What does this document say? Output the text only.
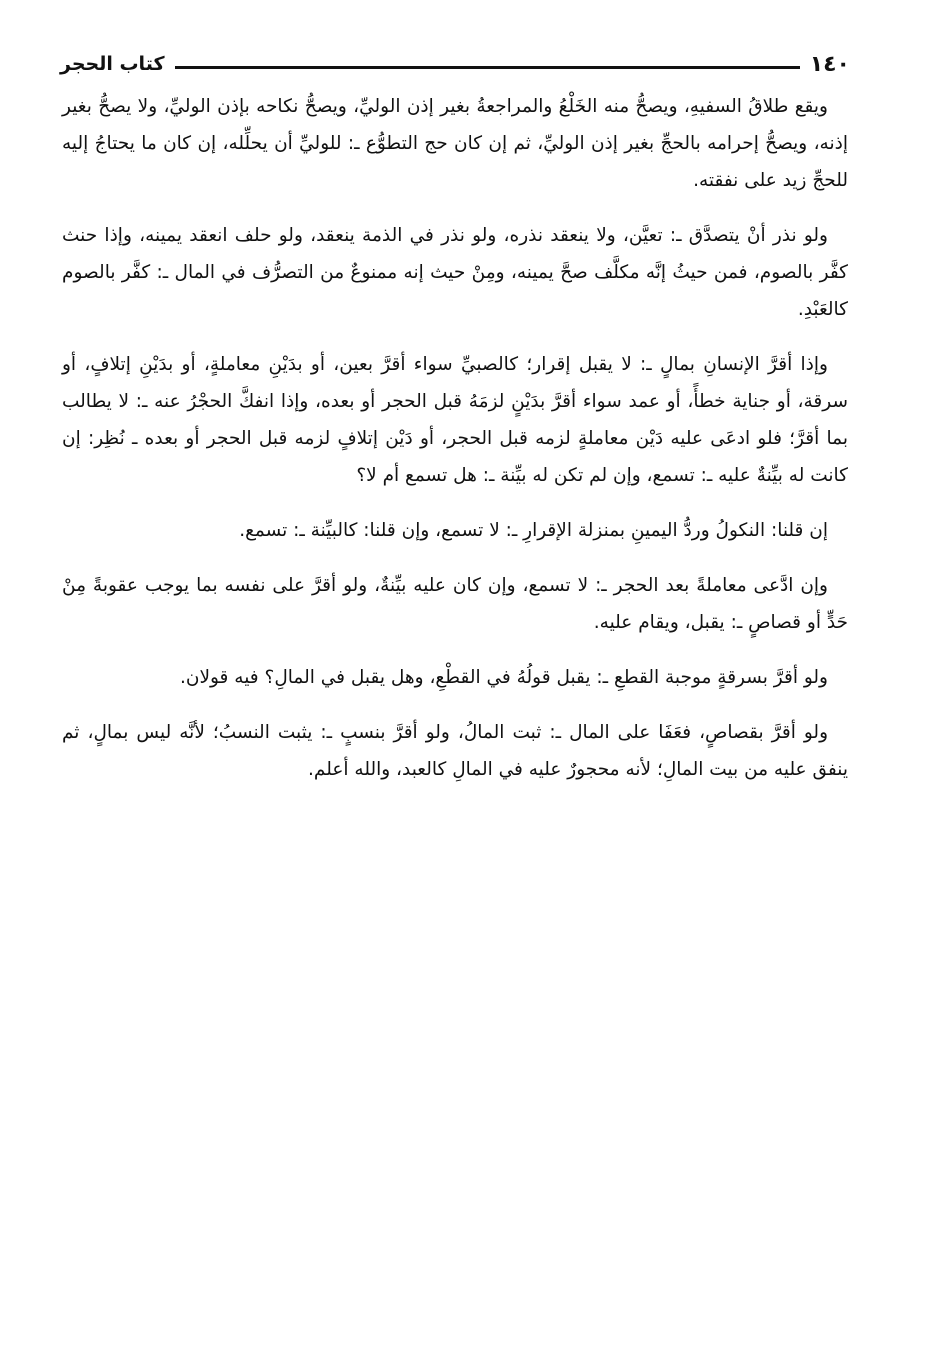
١٤٠
كتاب الحجر

ويقع طلاقُ السفيهِ، ويصحُّ منه الخَلْعُ والمراجعةُ بغير إذن الوليِّ، ويصحُّ نكاحه بإذن الوليِّ، ولا يصحُّ بغير إذنه، ويصحُّ إحرامه بالحجِّ بغير إذن الوليِّ، ثم إن كان حج التطوُّع ـ: للوليِّ أن يحلِّله، إن كان ما يحتاجُ إليه للحجِّ زيد على نفقته.

ولو نذر أنْ يتصدَّق ـ: تعيَّن، ولا ينعقد نذره، ولو نذر في الذمة ينعقد، ولو حلف انعقد يمينه، وإذا حنث كفَّر بالصوم، فمن حيثُ إنَّه مكلَّف صحَّ يمينه، ومِنْ حيث إنه ممنوعٌ من التصرُّف في المال ـ: كفَّر بالصوم كالعَبْدِ.

وإذا أقرَّ الإنسانِ بمالٍ ـ: لا يقبل إقرار؛ كالصبيِّ سواء أقرَّ بعين، أو بدَيْنِ معاملةٍ، أو بدَيْنِ إتلافٍ، أو سرقة، أو جناية خطأً، أو عمد سواء أقرَّ بدَيْنٍ لزمَهُ قبل الحجر أو بعده، وإذا انفكَّ الحجْرُ عنه ـ: لا يطالب بما أقرَّ؛ فلو ادعَى عليه دَيْن معاملةٍ لزمه قبل الحجر، أو دَيْن إتلافٍ لزمه قبل الحجر أو بعده ـ نُظِر: إن كانت له بيِّنةٌ عليه ـ: تسمع، وإن لم تكن له بيِّنة ـ: هل تسمع أم لا؟

إن قلنا: النكولُ وردُّ اليمينِ بمنزلة الإقرارِ ـ: لا تسمع، وإن قلنا: كالبيِّنة ـ: تسمع.

وإن ادَّعى معاملةً بعد الحجر ـ: لا تسمع، وإن كان عليه بيِّنةٌ، ولو أقرَّ على نفسه بما يوجب عقوبةً مِنْ حَدٍّ أو قصاصٍ ـ: يقبل، ويقام عليه.

ولو أقرَّ بسرقةٍ موجبة القطعِ ـ: يقبل قولُهُ في القطْعِ، وهل يقبل في المالِ؟ فيه قولان.

ولو أقرَّ بقصاصٍ، فعَفَا على المال ـ: ثبت المالُ، ولو أقرَّ بنسبٍ ـ: يثبت النسبُ؛ لأنَّه ليس بمالٍ، ثم ينفق عليه من بيت المالِ؛ لأنه محجورٌ عليه في المالِ كالعبد، والله أعلم.
